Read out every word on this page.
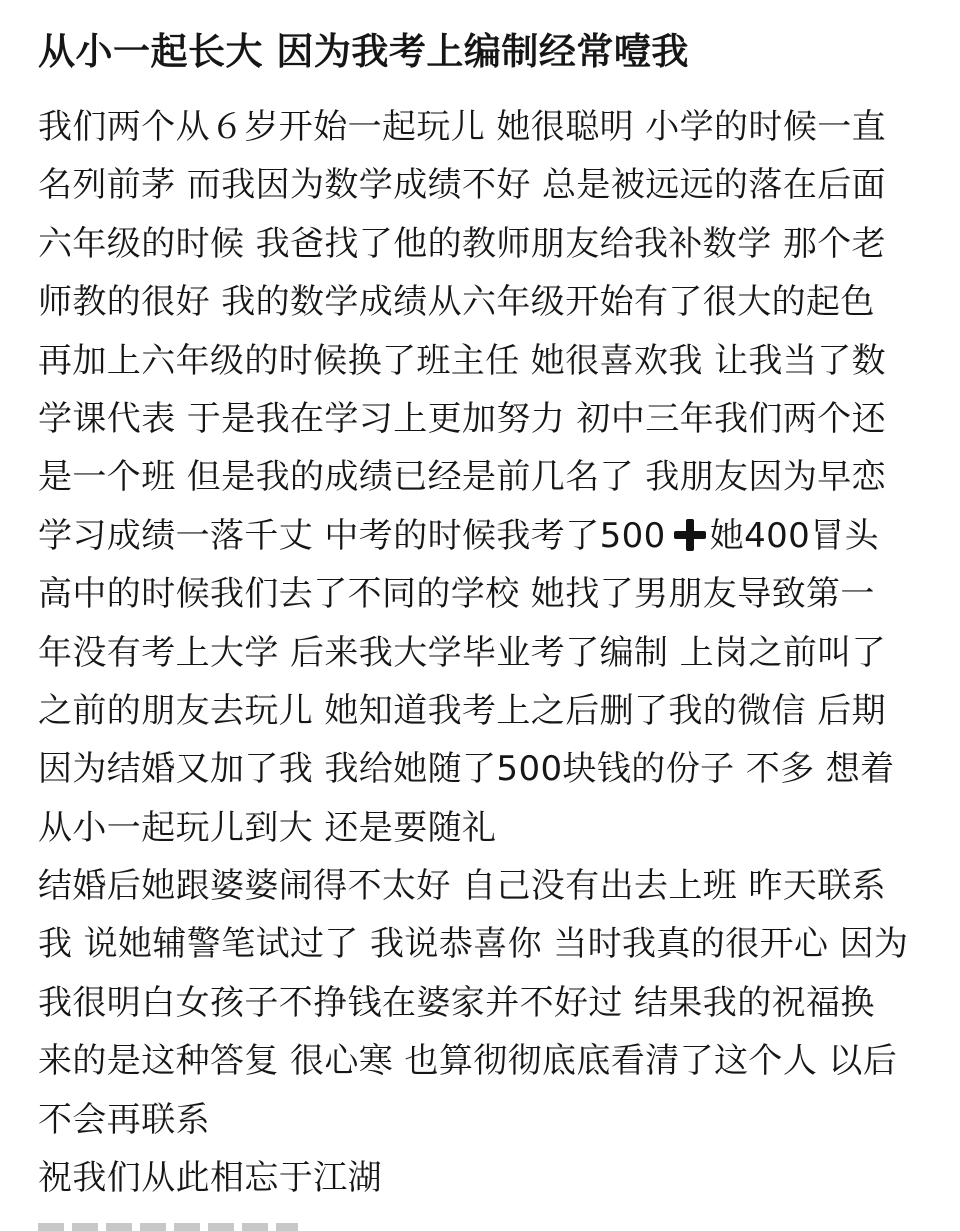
从小一起长大 因为我考上编制经常噎我
我们两个从６岁开始一起玩儿 她很聪明 小学的时候一直
名列前茅 而我因为数学成绩不好 总是被远远的落在后面
六年级的时候 我爸找了他的教师朋友给我补数学 那个老
师教的很好 我的数学成绩从六年级开始有了很大的起色
再加上六年级的时候换了班主任 她很喜欢我 让我当了数
学课代表 于是我在学习上更加努力 初中三年我们两个还
是一个班 但是我的成绩已经是前几名了 我朋友因为早恋
学习成绩一落千丈 中考的时候我考了500 她400冒头
高中的时候我们去了不同的学校 她找了男朋友导致第一
年没有考上大学 后来我大学毕业考了编制 上岗之前叫了
之前的朋友去玩儿 她知道我考上之后删了我的微信 后期
因为结婚又加了我 我给她随了500块钱的份子 不多 想着
从小一起玩儿到大 还是要随礼
结婚后她跟婆婆闹得不太好 自己没有出去上班 昨天联系
我 说她辅警笔试过了 我说恭喜你 当时我真的很开心 因为
我很明白女孩子不挣钱在婆家并不好过 结果我的祝福换
来的是这种答复 很心寒 也算彻彻底底看清了这个人 以后
不会再联系
祝我们从此相忘于江湖
